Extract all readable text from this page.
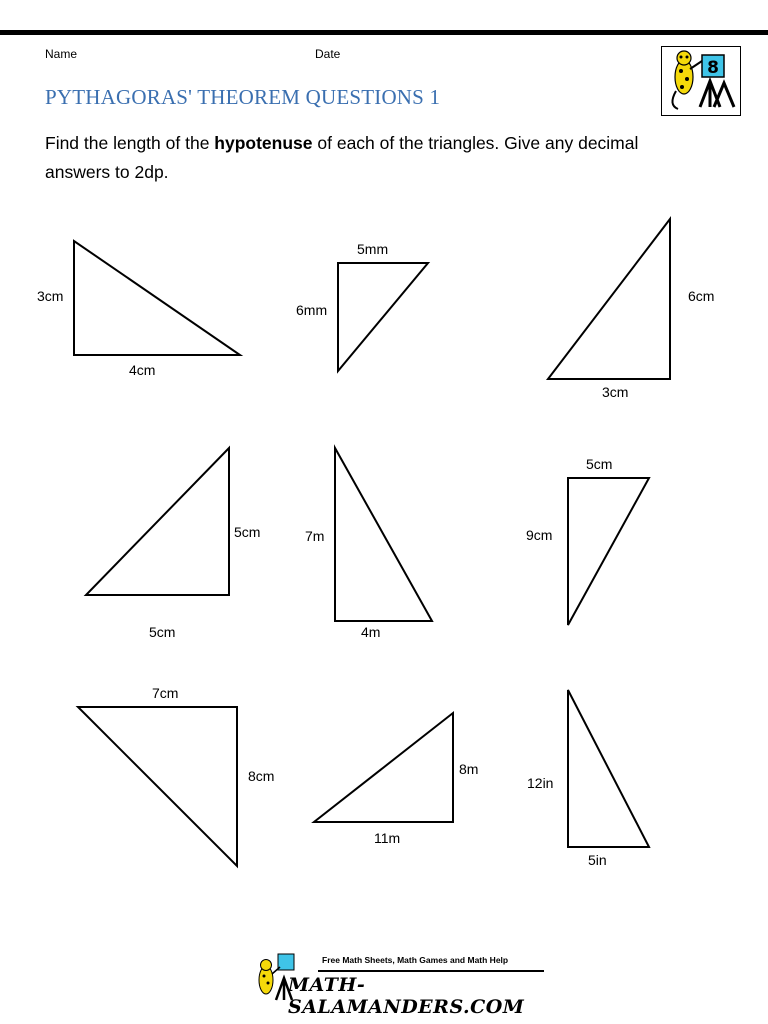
Name	Date
8
PYTHAGORAS' THEOREM QUESTIONS 1
Find the length of the hypotenuse of each of the triangles. Give any decimal answers to 2dp.
3cm
4cm
5mm
6mm
6cm
3cm
5cm
5cm
7m
4m
5cm
9cm
7cm
8cm	8m
11m
12in
5in
Free Math Sheets, Math Games and Math Help
MATH-SALAMANDERS.COM
